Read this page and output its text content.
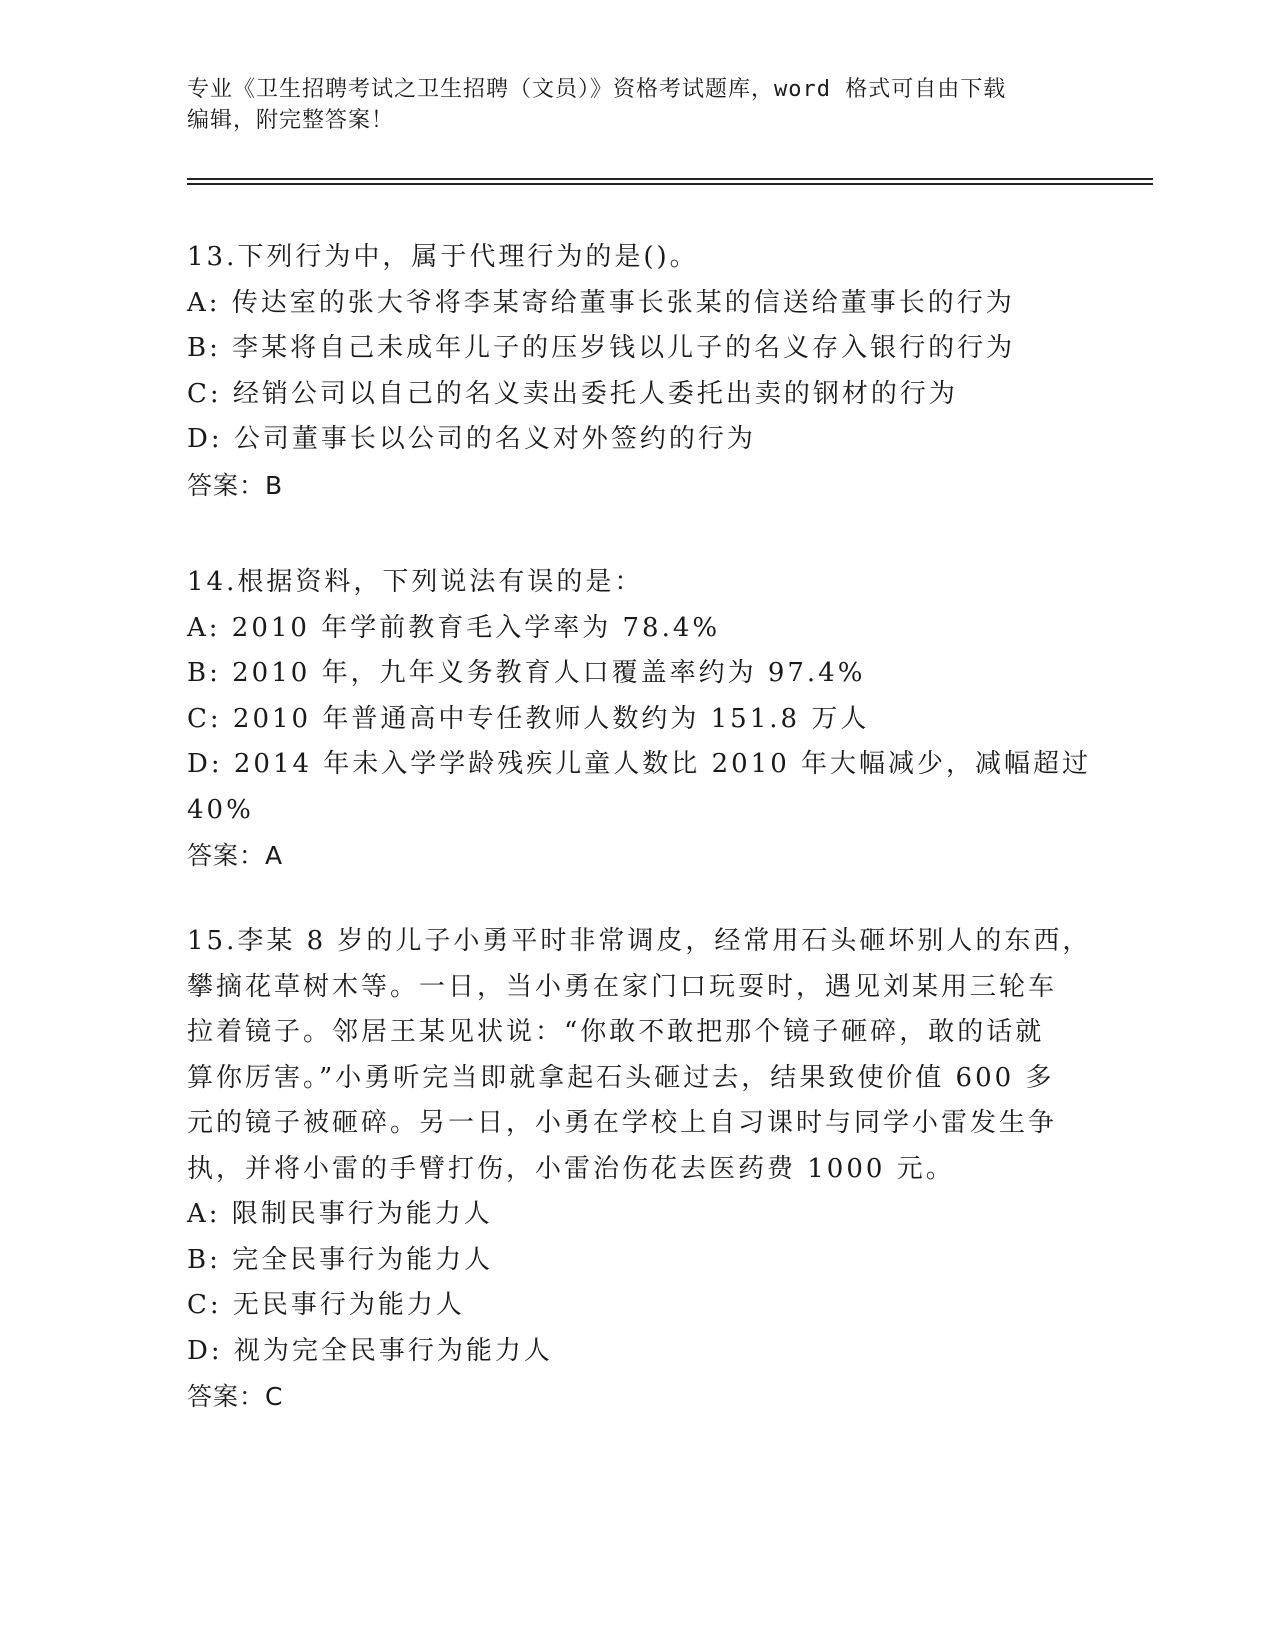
专业《卫生招聘考试之卫生招聘（文员）》资格考试题库，word 格式可自由下载
编辑，附完整答案！
13.下列行为中，属于代理行为的是()。
A: 传达室的张大爷将李某寄给董事长张某的信送给董事长的行为
B: 李某将自己未成年儿子的压岁钱以儿子的名义存入银行的行为
C: 经销公司以自己的名义卖出委托人委托出卖的钢材的行为
D: 公司董事长以公司的名义对外签约的行为
答案：B
14.根据资料，下列说法有误的是：
A: 2010 年学前教育毛入学率为 78.4%
B: 2010 年，九年义务教育人口覆盖率约为 97.4%
C: 2010 年普通高中专任教师人数约为 151.8 万人
D: 2014 年未入学学龄残疾儿童人数比 2010 年大幅减少，减幅超过
40%
答案：A
15.李某 8 岁的儿子小勇平时非常调皮，经常用石头砸坏别人的东西，
攀摘花草树木等。一日，当小勇在家门口玩耍时，遇见刘某用三轮车
拉着镜子。邻居王某见状说：“你敢不敢把那个镜子砸碎，敢的话就
算你厉害。”小勇听完当即就拿起石头砸过去，结果致使价值 600 多
元的镜子被砸碎。另一日，小勇在学校上自习课时与同学小雷发生争
执，并将小雷的手臂打伤，小雷治伤花去医药费 1000 元。
A: 限制民事行为能力人
B: 完全民事行为能力人
C: 无民事行为能力人
D: 视为完全民事行为能力人
答案：C
